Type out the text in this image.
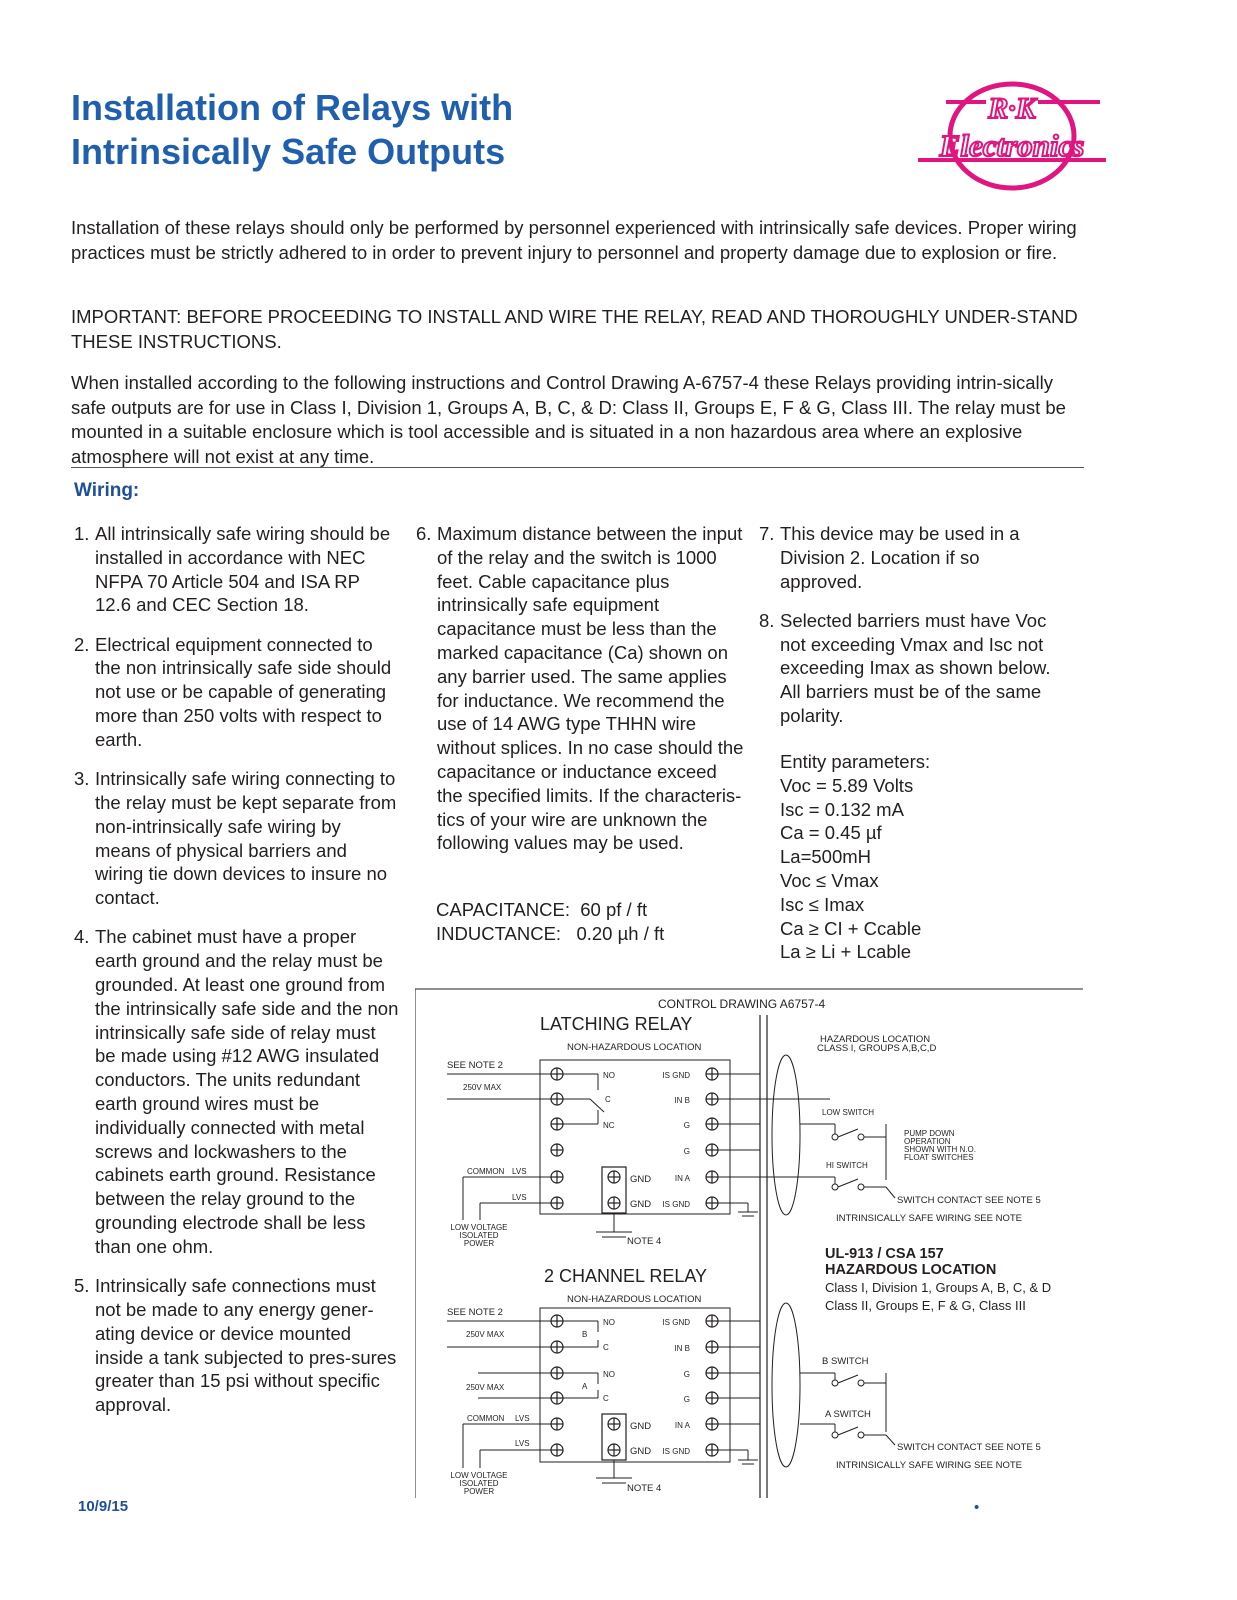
Installation of Relays with
Intrinsically Safe Outputs
R·K
Electronics

Installation of these relays should only be performed by personnel experienced with intrinsically safe devices. Proper wiring practices must be strictly adhered to in order to prevent injury to personnel and property damage due to explosion or fire.

IMPORTANT: BEFORE PROCEEDING TO INSTALL AND WIRE THE RELAY, READ AND THOROUGHLY UNDER-STAND THESE INSTRUCTIONS.

When installed according to the following instructions and Control Drawing A-6757-4 these Relays providing intrin-sically safe outputs are for use in Class I, Division 1, Groups A, B, C, & D: Class II, Groups E, F & G, Class III. The relay must be mounted in a suitable enclosure which is tool accessible and is situated in a non hazardous area where an explosive atmosphere will not exist at any time.

Wiring:
1. All intrinsically safe wiring should be installed in accordance with NEC NFPA 70 Article 504 and ISA RP 12.6 and CEC Section 18.
2. Electrical equipment connected to the non intrinsically safe side should not use or be capable of generating more than 250 volts with respect to earth.
3. Intrinsically safe wiring connecting to the relay must be kept separate from non-intrinsically safe wiring by means of physical barriers and wiring tie down devices to insure no contact.
4. The cabinet must have a proper earth ground and the relay must be grounded. At least one ground from the intrinsically safe side and the non intrinsically safe side of relay must be made using #12 AWG insulated conductors. The units redundant earth ground wires must be individually connected with metal screws and lockwashers to the cabinets earth ground. Resistance between the relay ground to the grounding electrode shall be less than one ohm.
5. Intrinsically safe connections must not be made to any energy gener-ating device or device mounted inside a tank subjected to pres-sures greater than 15 psi without specific approval.
6. Maximum distance between the input of the relay and the switch is 1000 feet. Cable capacitance plus intrinsically safe equipment capacitance must be less than the marked capacitance (Ca) shown on any barrier used. The same applies for inductance. We recommend the use of 14 AWG type THHN wire without splices. In no case should the capacitance or inductance exceed the specified limits. If the characteris-tics of your wire are unknown the following values may be used.
CAPACITANCE:  60 pf / ft
INDUCTANCE:   0.20 µh / ft
7. This device may be used in a Division 2. Location if so approved.
8. Selected barriers must have Voc not exceeding Vmax and Isc not exceeding Imax as shown below. All barriers must be of the same polarity.
Entity parameters:
Voc = 5.89 Volts
Isc = 0.132 mA
Ca = 0.45 µf
La=500mH
Voc ≤ Vmax
Isc ≤ Imax
Ca ≥ CI + Ccable
La ≥ Li + Lcable
CONTROL DRAWING A6757-4
LATCHING RELAY
NON-HAZARDOUS LOCATION
HAZARDOUS LOCATION
CLASS I, GROUPS A,B,C,D
SEE NOTE 2
250V MAX
NO
C
NC
IS GND
IN B
G
G
IN A
IS GND
GND
GND
COMMON LVS
LVS
LOW VOLTAGE
ISOLATED
POWER	NOTE 4
LOW SWITCH
HI SWITCH
PUMP DOWN
OPERATION
SHOWN WITH N.O.
FLOAT SWITCHES
SWITCH CONTACT SEE NOTE 5
INTRINSICALLY SAFE WIRING SEE NOTE
UL-913 / CSA 157
HAZARDOUS LOCATION
Class I, Division 1, Groups A, B, C, & D
Class II, Groups E, F & G, Class III
2 CHANNEL RELAY
NON-HAZARDOUS LOCATION
SEE NOTE 2
250V MAX
250V MAX
B
NO
C
A
NO
C
IS GND
IN B
G
G
IN A
IS GND
GND
GND
COMMON LVS
LVS
LOW VOLTAGE
ISOLATED
POWER	NOTE 4
B SWITCH
A SWITCH
SWITCH CONTACT SEE NOTE 5
INTRINSICALLY SAFE WIRING SEE NOTE
10/9/15	•
